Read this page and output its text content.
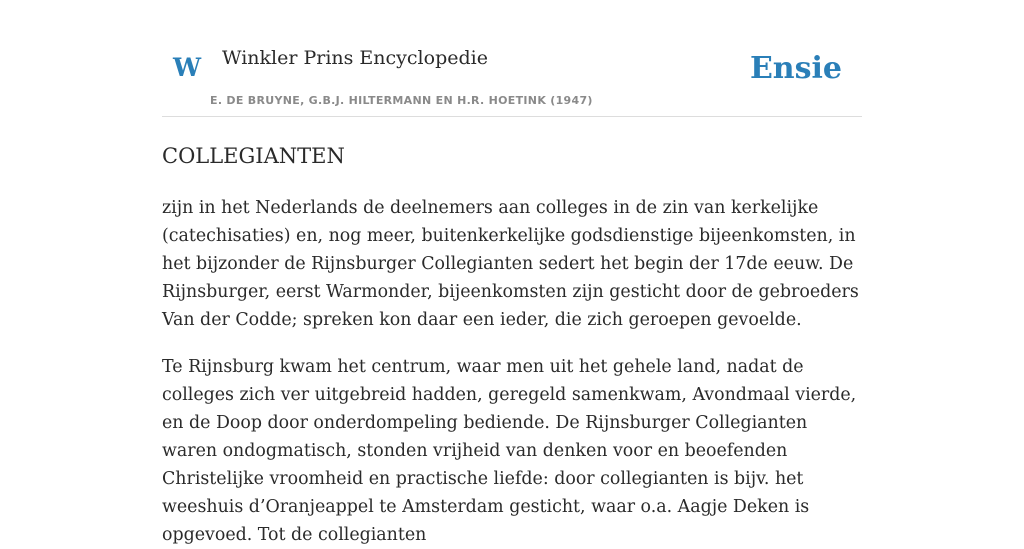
W Winkler Prins Encyclopedie
E. DE BRUYNE, G.B.J. HILTERMANN EN H.R. HOETINK (1947)
Ensie
COLLEGIANTEN

zijn in het Nederlands de deelnemers aan colleges in de zin van kerkelijke (catechisaties) en, nog meer, buitenkerkelijke godsdienstige bijeenkomsten, in het bijzonder de Rijnsburger Collegianten sedert het begin der 17de eeuw. De Rijnsburger, eerst Warmonder, bijeenkomsten zijn gesticht door de gebroeders Van der Codde; spreken kon daar een ieder, die zich geroepen gevoelde.

Te Rijnsburg kwam het centrum, waar men uit het gehele land, nadat de colleges zich ver uitgebreid hadden, geregeld samenkwam, Avondmaal vierde, en de Doop door onderdompeling bediende. De Rijnsburger Collegianten waren ondogmatisch, stonden vrijheid van denken voor en beoefenden Christelijke vroomheid en practische liefde: door collegianten is bijv. het weeshuis d’Oranjeappel te Amsterdam gesticht, waar o.a. Aagje Deken is opgevoed. Tot de collegianten
